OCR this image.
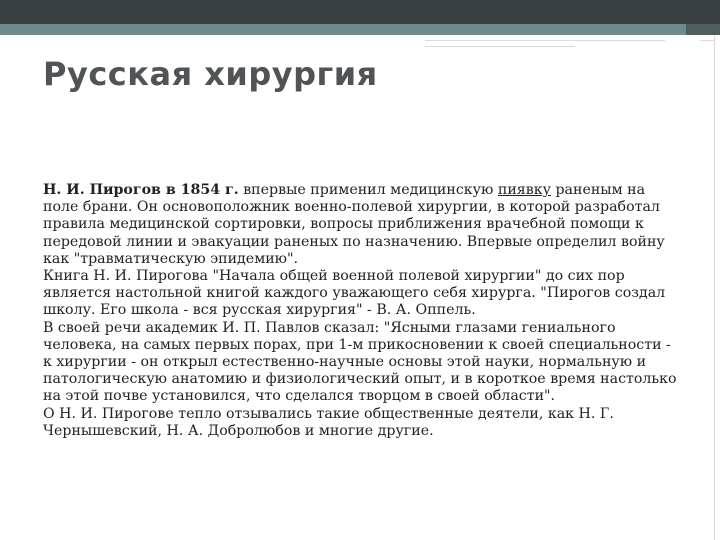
Русская хирургия

Н. И. Пирогов в 1854 г. впервые применил медицинскую пиявку раненым на поле брани. Он основоположник военно-полевой хирургии, в которой разработал правила медицинской сортировки, вопросы приближения врачебной помощи к передовой линии и эвакуации раненых по назначению. Впервые определил войну как "травматическую эпидемию".

Книга Н. И. Пирогова "Начала общей военной полевой хирургии" до сих пор является настольной книгой каждого уважающего себя хирурга. "Пирогов создал школу. Его школа - вся русская хирургия" - В. А. Оппель.

В своей речи академик И. П. Павлов сказал: "Ясными глазами гениального человека, на самых первых порах, при 1-м прикосновении к своей специальности - к хирургии - он открыл естественно-научные основы этой науки, нормальную и патологическую анатомию и физиологический опыт, и в короткое время настолько на этой почве установился, что сделался творцом в своей области".

О Н. И. Пирогове тепло отзывались такие общественные деятели, как Н. Г. Чернышевский, Н. А. Добролюбов и многие другие.
